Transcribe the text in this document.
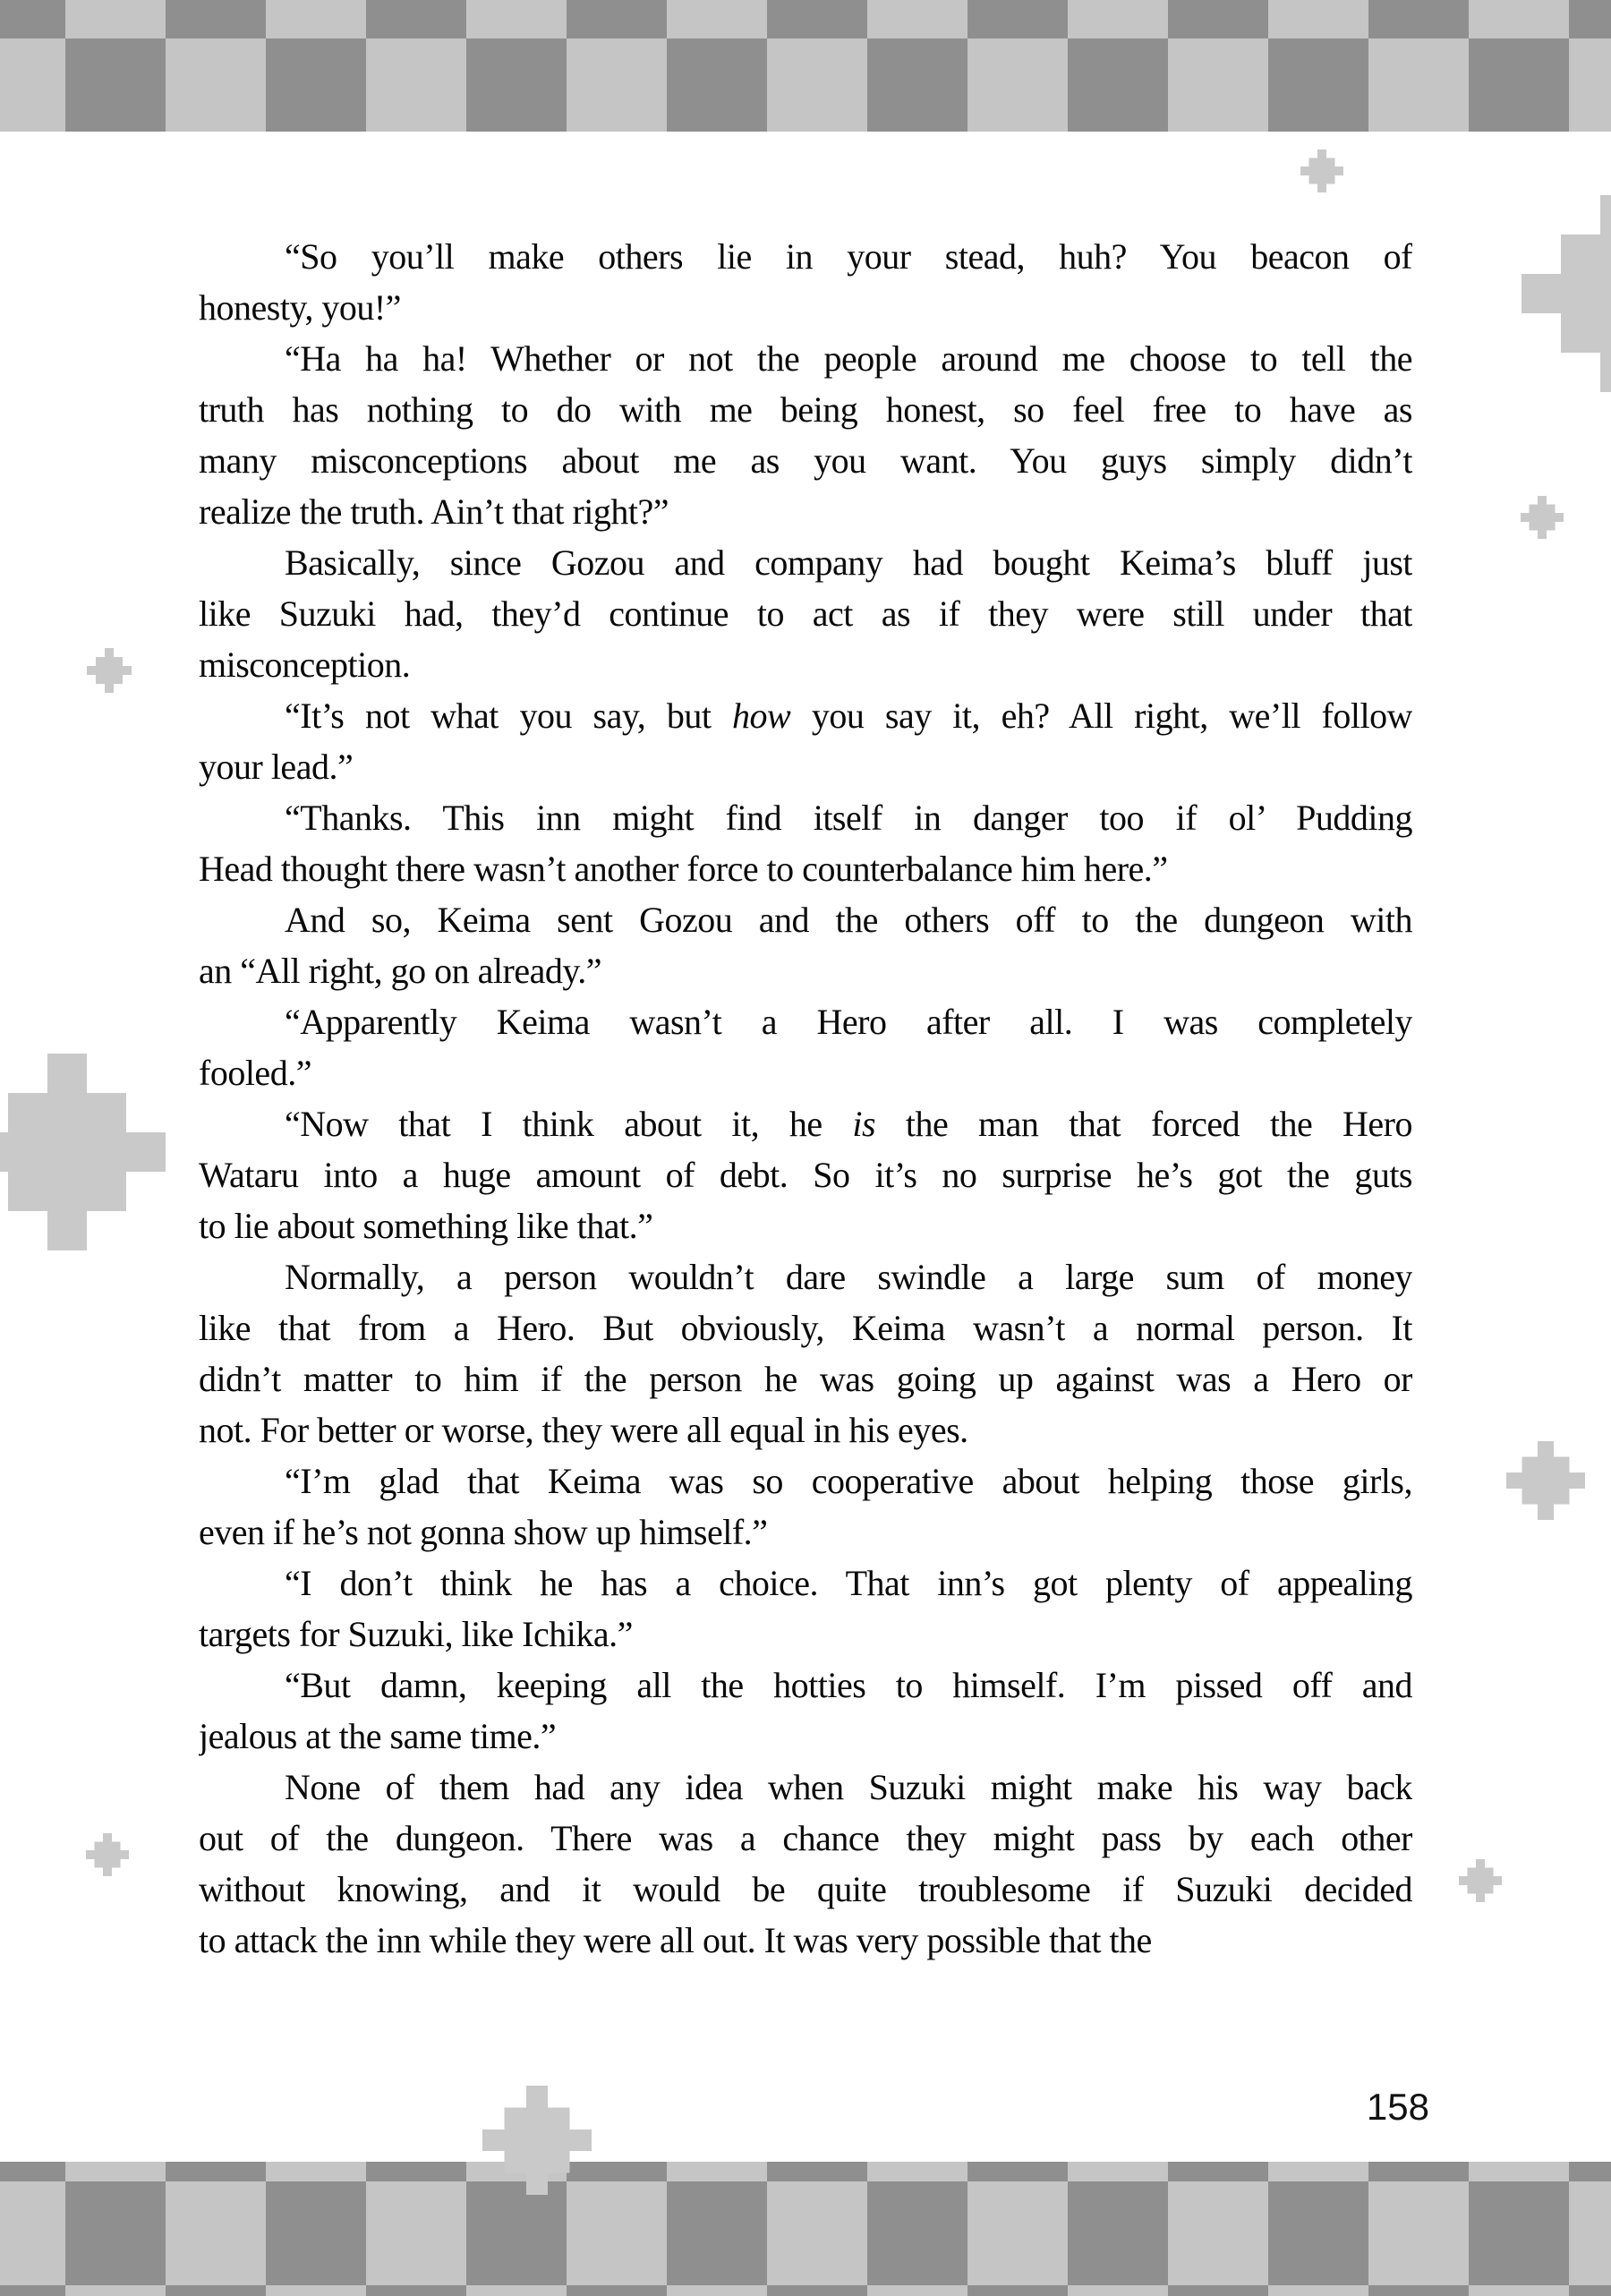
“So you’ll make others lie in your stead, huh? You beacon of
honesty, you!”
“Ha ha ha! Whether or not the people around me choose to tell the
truth has nothing to do with me being honest, so feel free to have as
many misconceptions about me as you want. You guys simply didn’t
realize the truth. Ain’t that right?”
Basically, since Gozou and company had bought Keima’s bluff just
like Suzuki had, they’d continue to act as if they were still under that
misconception.
“It’s not what you say, but how you say it, eh? All right, we’ll follow
your lead.”
“Thanks. This inn might find itself in danger too if ol’ Pudding
Head thought there wasn’t another force to counterbalance him here.”
And so, Keima sent Gozou and the others off to the dungeon with
an “All right, go on already.”
“Apparently Keima wasn’t a Hero after all. I was completely
fooled.”
“Now that I think about it, he is the man that forced the Hero
Wataru into a huge amount of debt. So it’s no surprise he’s got the guts
to lie about something like that.”
Normally, a person wouldn’t dare swindle a large sum of money
like that from a Hero. But obviously, Keima wasn’t a normal person. It
didn’t matter to him if the person he was going up against was a Hero or
not. For better or worse, they were all equal in his eyes.
“I’m glad that Keima was so cooperative about helping those girls,
even if he’s not gonna show up himself.”
“I don’t think he has a choice. That inn’s got plenty of appealing
targets for Suzuki, like Ichika.”
“But damn, keeping all the hotties to himself. I’m pissed off and
jealous at the same time.”
None of them had any idea when Suzuki might make his way back
out of the dungeon. There was a chance they might pass by each other
without knowing, and it would be quite troublesome if Suzuki decided
to attack the inn while they were all out. It was very possible that the
158
